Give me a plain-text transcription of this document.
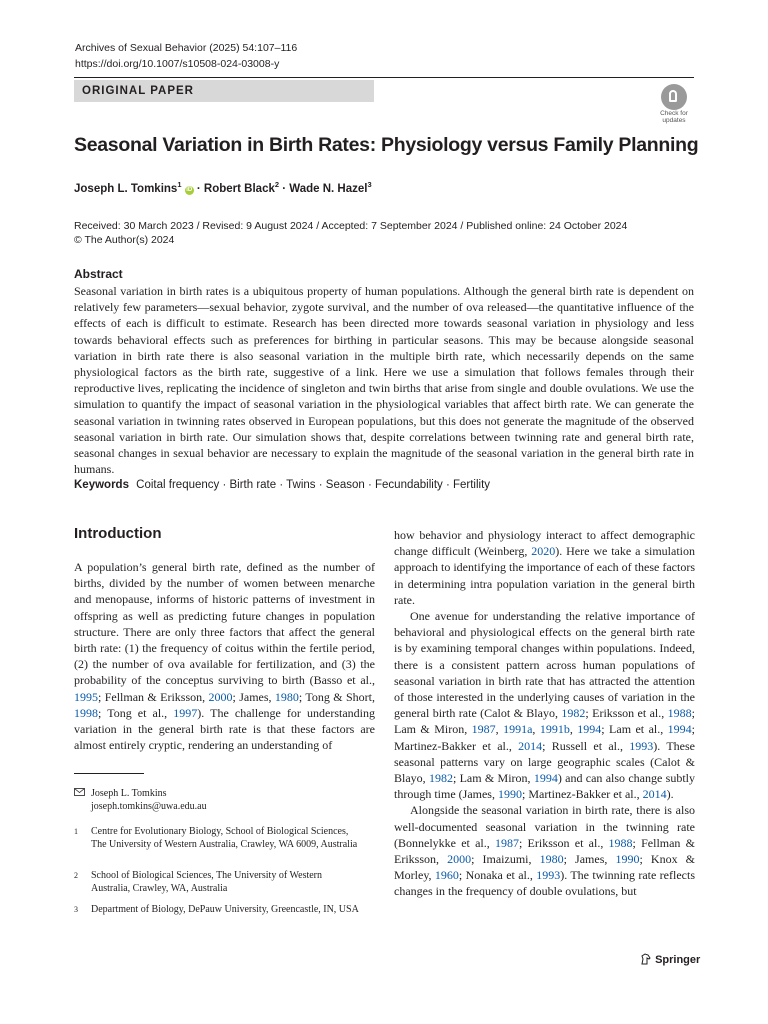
Archives of Sexual Behavior (2025) 54:107–116
https://doi.org/10.1007/s10508-024-03008-y
ORIGINAL PAPER
Check for updates
Seasonal Variation in Birth Rates: Physiology versus Family Planning
Joseph L. Tomkins$^1$ iD · Robert Black$^2$ · Wade N. Hazel$^3$
Received: 30 March 2023 / Revised: 9 August 2024 / Accepted: 7 September 2024 / Published online: 24 October 2024
© The Author(s) 2024
Abstract
Seasonal variation in birth rates is a ubiquitous property of human populations. Although the general birth rate is dependent on relatively few parameters—sexual behavior, zygote survival, and the number of ova released—the quantitative influence of the effects of each is difficult to estimate. Research has been directed more towards seasonal variation in physiology and less towards behavioral effects such as preferences for birthing in particular seasons. This may be because alongside seasonal variation in birth rate there is also seasonal variation in the multiple birth rate, which necessarily depends on the same physiological factors as the birth rate, suggestive of a link. Here we use a simulation that follows females through their reproductive lives, replicating the incidence of singleton and twin births that arise from single and double ovulations. We use the simulation to quantify the impact of seasonal variation in the physiological variables that affect birth rate. We can generate the seasonal variation in twinning rates observed in European populations, but this does not generate the magnitude of the observed seasonal variation in birth rate. Our simulation shows that, despite correlations between twinning rate and general birth rate, seasonal changes in sexual behavior are necessary to explain the magnitude of the seasonal variation in the general birth rate in humans.
Keywords Coital frequency · Birth rate · Twins · Season · Fecundability · Fertility
Introduction

A population’s general birth rate, defined as the number of births, divided by the number of women between menarche and menopause, informs of historic patterns of investment in offspring as well as predicting future changes in population structure. There are only three factors that affect the general birth rate: (1) the frequency of coitus within the fertile period, (2) the number of ova available for fertilization, and (3) the probability of the conceptus surviving to birth (Basso et al., 1995; Fellman & Eriksson, 2000; James, 1980; Tong & Short, 1998; Tong et al., 1997). The challenge for understanding variation in the general birth rate is that these factors are almost entirely cryptic, rendering an understanding of

how behavior and physiology interact to affect demographic change difficult (Weinberg, 2020). Here we take a simulation approach to identifying the importance of each of these factors in determining intra population variation in the general birth rate.

One avenue for understanding the relative importance of behavioral and physiological effects on the general birth rate is by examining temporal changes within populations. Indeed, there is a consistent pattern across human populations of seasonal variation in birth rate that has attracted the attention of those interested in the underlying causes of variation in the general birth rate (Calot & Blayo, 1982; Eriksson et al., 1988; Lam & Miron, 1987, 1991a, 1991b, 1994; Lam et al., 1994; Martinez-Bakker et al., 2014; Russell et al., 1993). These seasonal patterns vary on large geographic scales (Calot & Blayo, 1982; Lam & Miron, 1994) and can also change subtly through time (James, 1990; Martinez-Bakker et al., 2014).

Alongside the seasonal variation in birth rate, there is also well-documented seasonal variation in the twinning rate (Bonnelykke et al., 1987; Eriksson et al., 1988; Fellman & Eriksson, 2000; Imaizumi, 1980; James, 1990; Knox & Morley, 1960; Nonaka et al., 1993). The twinning rate reflects changes in the frequency of double ovulations, but

Joseph L. Tomkins
joseph.tomkins@uwa.edu.au
1	Centre for Evolutionary Biology, School of Biological Sciences, The University of Western Australia, Crawley, WA 6009, Australia
2	School of Biological Sciences, The University of Western Australia, Crawley, WA, Australia
3	Department of Biology, DePauw University, Greencastle, IN, USA
Springer
